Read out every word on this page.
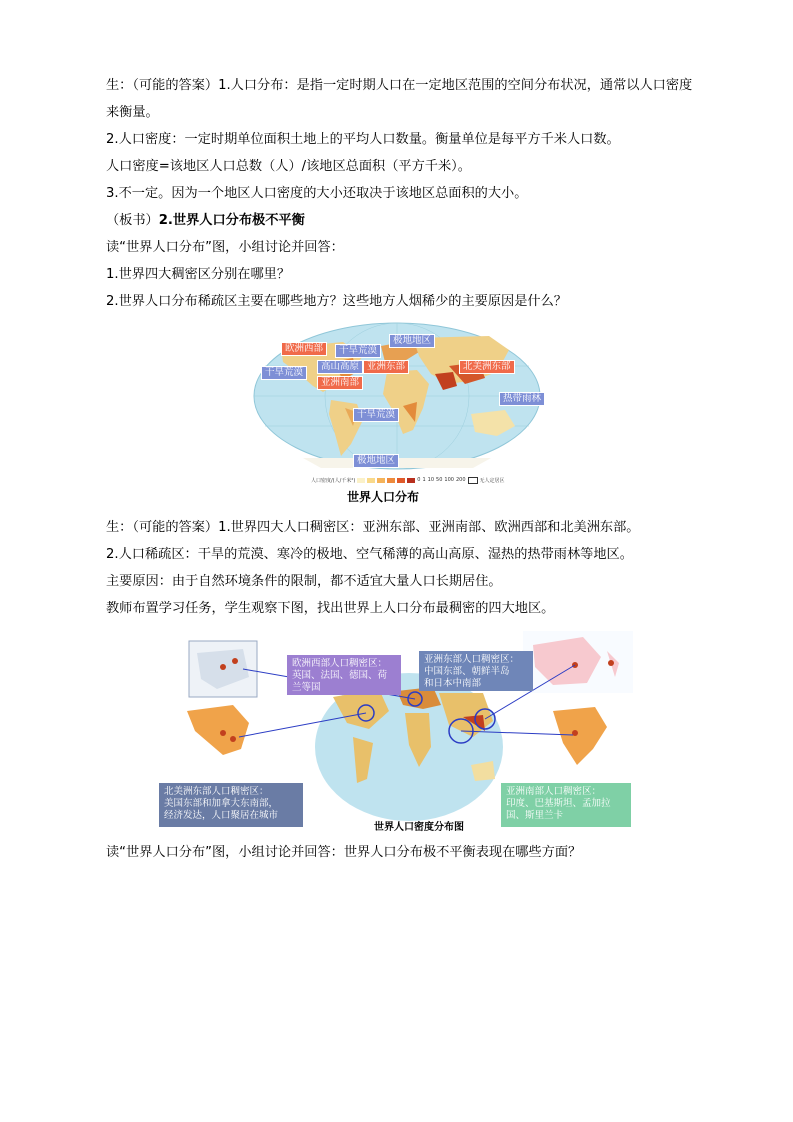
生：（可能的答案）1.人口分布：是指一定时期人口在一定地区范围的空间分布状况，通常以人口密度
来衡量。
2.人口密度：一定时期单位面积土地上的平均人口数量。衡量单位是每平方千米人口数。
人口密度=该地区人口总数（人）/该地区总面积（平方千米）。
3.不一定。因为一个地区人口密度的大小还取决于该地区总面积的大小。
（板书）2.世界人口分布极不平衡
读“世界人口分布”图，小组讨论并回答：
1.世界四大稠密区分别在哪里？
2.世界人口分布稀疏区主要在哪些地方？这些地方人烟稀少的主要原因是什么？
欧洲西部	干旱荒漠
极地地区
高山高原 亚洲东部	北美洲东部
干旱荒漠
亚洲南部
热带雨林
干旱荒漠
极地地区
人口密度/(人/千米²)	0 1 10 50 100 200	无人定居区
世界人口分布
生：（可能的答案）1.世界四大人口稠密区：亚洲东部、亚洲南部、欧洲西部和北美洲东部。
2.人口稀疏区：干旱的荒漠、寒冷的极地、空气稀薄的高山高原、湿热的热带雨林等地区。
主要原因：由于自然环境条件的限制，都不适宜大量人口长期居住。
教师布置学习任务，学生观察下图，找出世界上人口分布最稠密的四大地区。
欧洲西部人口稠密区：
英国、法国、德国、荷
兰等国
亚洲东部人口稠密区：
中国东部、朝鲜半岛
和日本中南部
北美洲东部人口稠密区：
美国东部和加拿大东南部，
经济发达，人口聚居在城市
亚洲南部人口稠密区：
印度、巴基斯坦、孟加拉
国、斯里兰卡
世界人口密度分布图
读“世界人口分布”图，小组讨论并回答：世界人口分布极不平衡表现在哪些方面？
